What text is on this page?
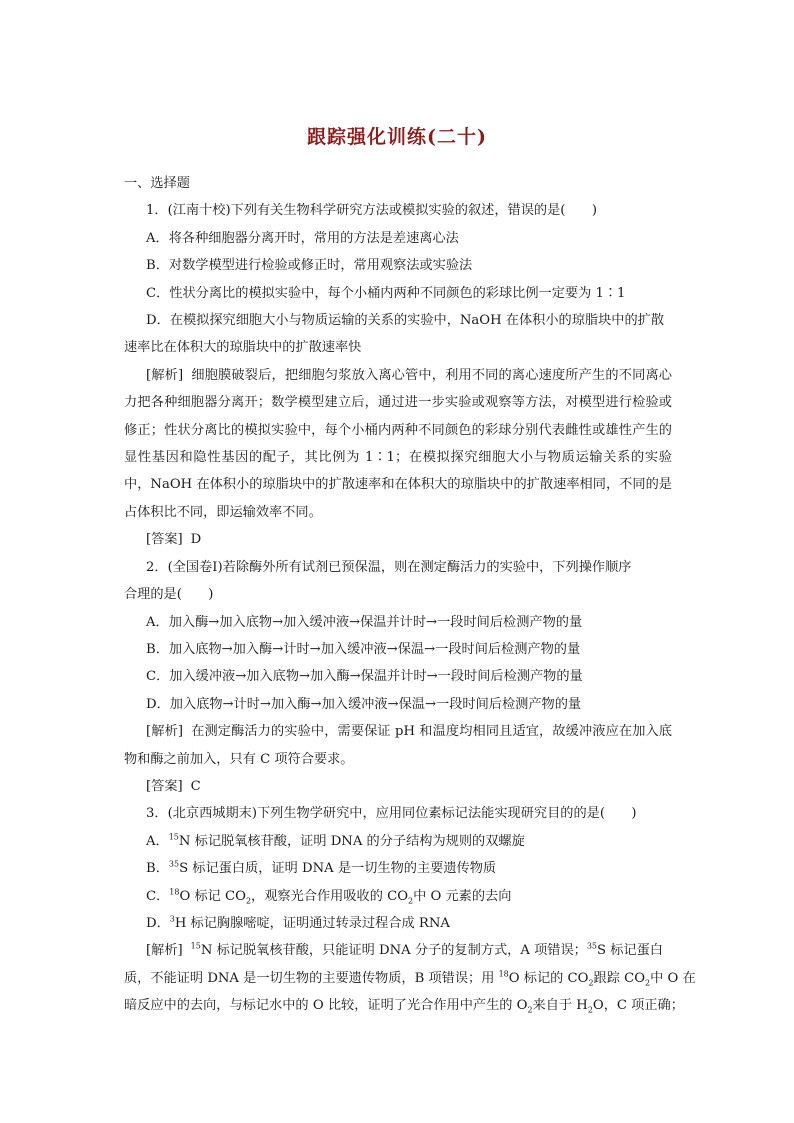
跟踪强化训练(二十)
一、选择题
1．(江南十校)下列有关生物科学研究方法或模拟实验的叙述，错误的是(　　)
A．将各种细胞器分离开时，常用的方法是差速离心法
B．对数学模型进行检验或修正时，常用观察法或实验法
C．性状分离比的模拟实验中，每个小桶内两种不同颜色的彩球比例一定要为 1∶1
D．在模拟探究细胞大小与物质运输的关系的实验中，NaOH 在体积小的琼脂块中的扩散
速率比在体积大的琼脂块中的扩散速率快
[解析] 细胞膜破裂后，把细胞匀浆放入离心管中，利用不同的离心速度所产生的不同离心力把各种细胞器分离开；数学模型建立后，通过进一步实验或观察等方法，对模型进行检验或修正；性状分离比的模拟实验中，每个小桶内两种不同颜色的彩球分别代表雌性或雄性产生的显性基因和隐性基因的配子，其比例为 1∶1；在模拟探究细胞大小与物质运输关系的实验中，NaOH 在体积小的琼脂块中的扩散速率和在体积大的琼脂块中的扩散速率相同，不同的是占体积比不同，即运输效率不同。
[答案] D
2．(全国卷Ⅰ)若除酶外所有试剂已预保温，则在测定酶活力的实验中，下列操作顺序
合理的是(　　)
A．加入酶→加入底物→加入缓冲液→保温并计时→一段时间后检测产物的量
B．加入底物→加入酶→计时→加入缓冲液→保温→一段时间后检测产物的量
C．加入缓冲液→加入底物→加入酶→保温并计时→一段时间后检测产物的量
D．加入底物→计时→加入酶→加入缓冲液→保温→一段时间后检测产物的量
[解析] 在测定酶活力的实验中，需要保证 pH 和温度均相同且适宜，故缓冲液应在加入底物和酶之前加入，只有 C 项符合要求。
[答案] C
3．(北京西城期末)下列生物学研究中，应用同位素标记法能实现研究目的的是(　　)
A．$^{15}$N 标记脱氧核苷酸，证明 DNA 的分子结构为规则的双螺旋
B．$^{35}$S 标记蛋白质，证明 DNA 是一切生物的主要遗传物质
C．$^{18}$O 标记 $CO_2$，观察光合作用吸收的 $CO_2$中 O 元素的去向
D．$^3$H 标记胸腺嘧啶，证明通过转录过程合成 RNA
[解析] $^{15}$N 标记脱氧核苷酸，只能证明 DNA 分子的复制方式，A 项错误；$^{35}$S 标记蛋白
质，不能证明 DNA 是一切生物的主要遗传物质，B 项错误；用 $^{18}$O 标记的 $CO_2$跟踪 $CO_2$中 O 在
暗反应中的去向，与标记水中的 O 比较，证明了光合作用中产生的 $O_2$来自于 $H_2O$，C 项正确；
